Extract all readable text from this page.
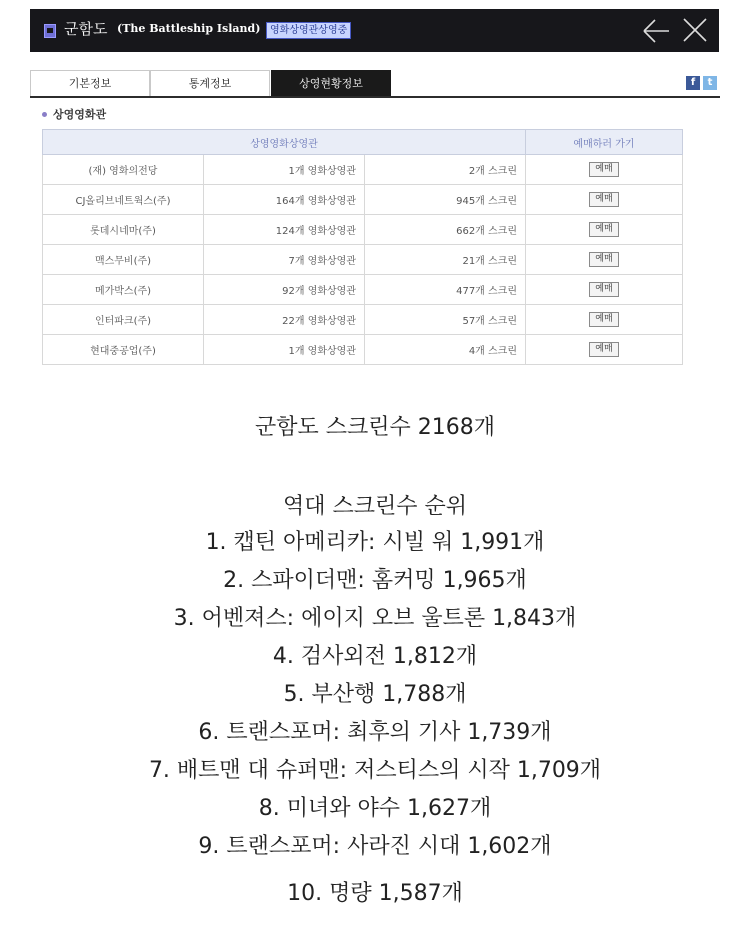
군함도 (The Battleship Island) 영화상영관상영중
기본정보	통계정보	상영현황정보	f	t
상영영화관
상영영화상영관			예매하러 가기
(재) 영화의전당	1개 영화상영관	2개 스크린	예매
CJ올리브네트웍스(주)	164개 영화상영관	945개 스크린	예매
롯데시네마(주)	124개 영화상영관	662개 스크린	예매
맥스무비(주)	7개 영화상영관	21개 스크린	예매
메가박스(주)	92개 영화상영관	477개 스크린	예매
인터파크(주)	22개 영화상영관	57개 스크린	예매
현대중공업(주)	1개 영화상영관	4개 스크린	예매
군함도 스크린수 2168개
역대 스크린수 순위
1. 캡틴 아메리카: 시빌 워 1,991개
2. 스파이더맨: 홈커밍 1,965개
3. 어벤져스: 에이지 오브 울트론 1,843개
4. 검사외전 1,812개
5. 부산행 1,788개
6. 트랜스포머: 최후의 기사 1,739개
7. 배트맨 대 슈퍼맨: 저스티스의 시작 1,709개
8. 미녀와 야수 1,627개
9. 트랜스포머: 사라진 시대 1,602개
10. 명량 1,587개
